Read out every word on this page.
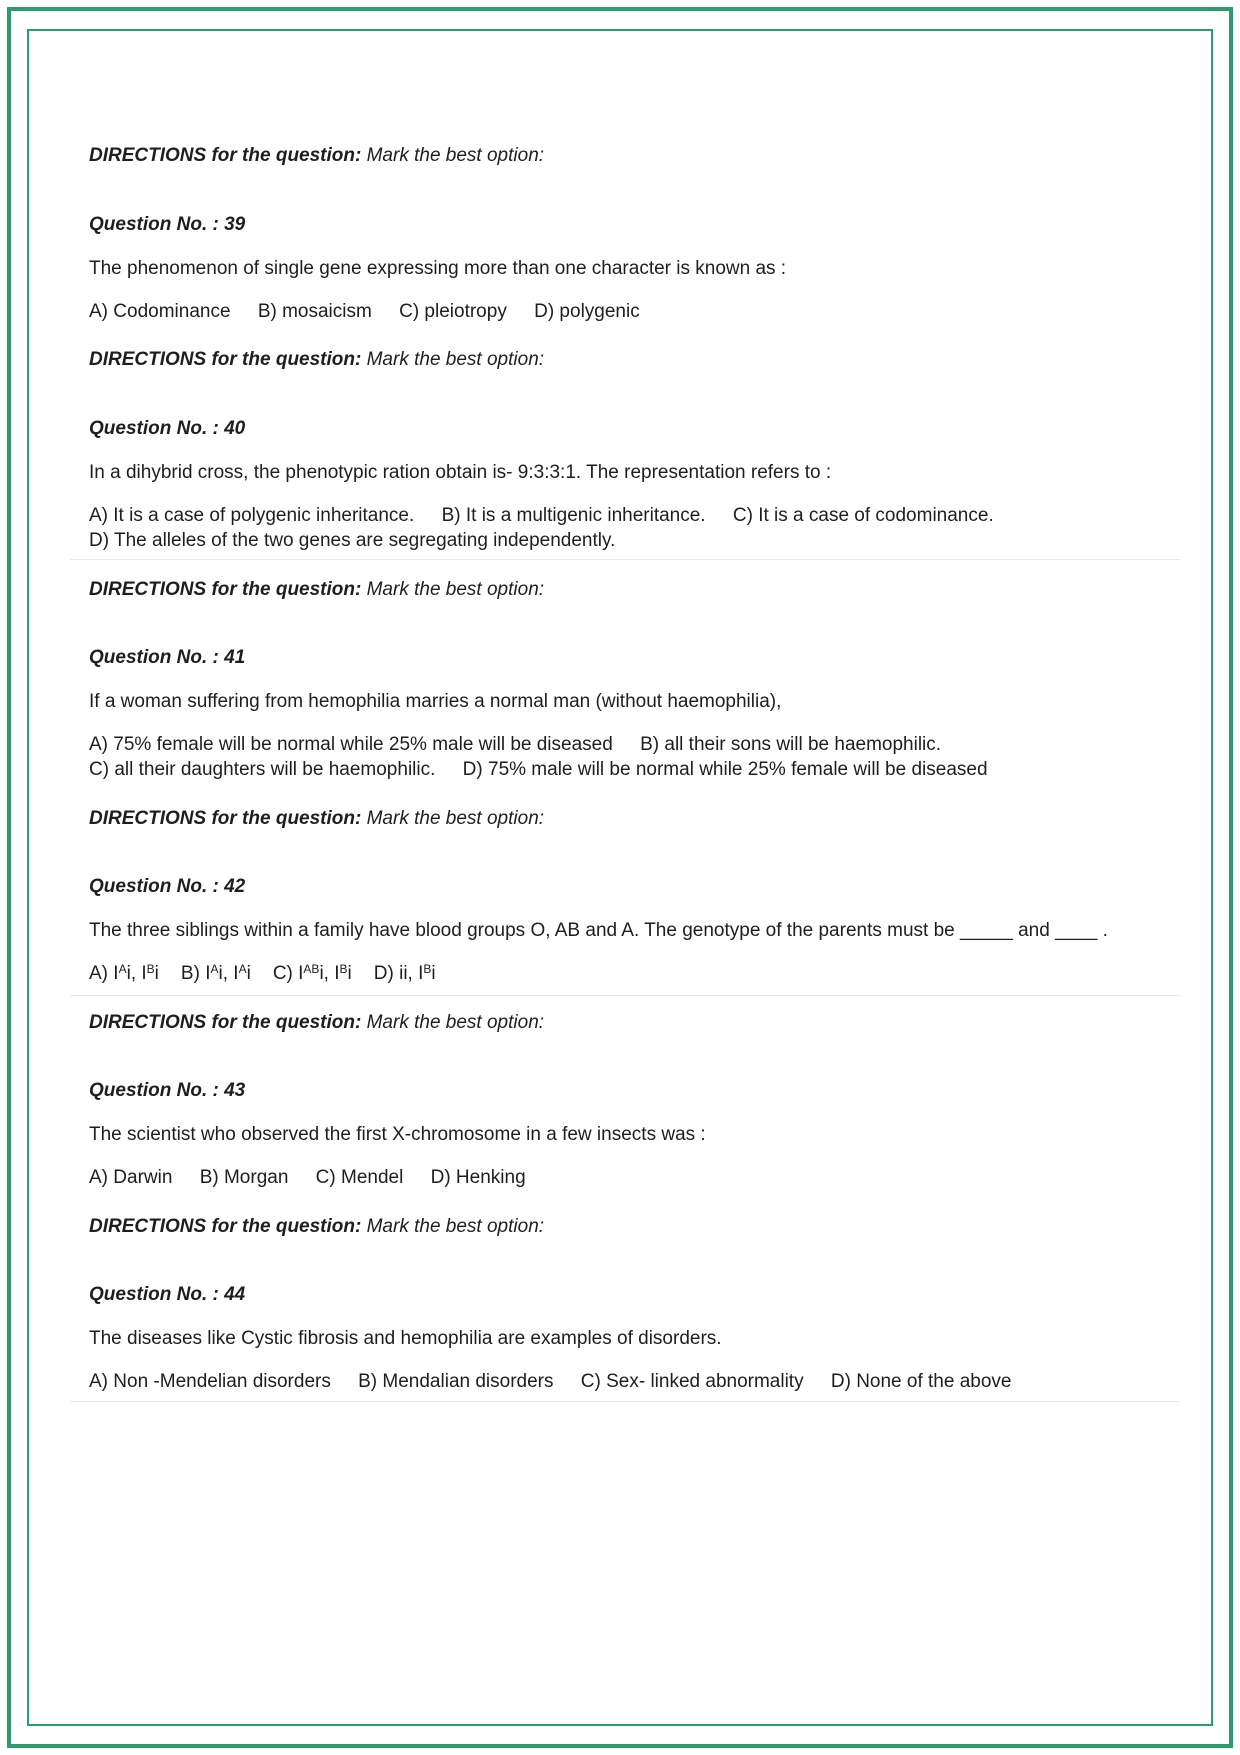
DIRECTIONS for the question: Mark the best option:
Question No. : 39
The phenomenon of single gene expressing more than one character is known as :
A) Codominance B) mosaicism C) pleiotropy D) polygenic
DIRECTIONS for the question: Mark the best option:
Question No. : 40
In a dihybrid cross, the phenotypic ration obtain is- 9:3:3:1. The representation refers to :
A) It is a case of polygenic inheritance. B) It is a multigenic inheritance. C) It is a case of codominance.
D) The alleles of the two genes are segregating independently.
DIRECTIONS for the question: Mark the best option:
Question No. : 41
If a woman suffering from hemophilia marries a normal man (without haemophilia),
A) 75% female will be normal while 25% male will be diseased B) all their sons will be haemophilic.
C) all their daughters will be haemophilic. D) 75% male will be normal while 25% female will be diseased
DIRECTIONS for the question: Mark the best option:
Question No. : 42
The three siblings within a family have blood groups O, AB and A. The genotype of the parents must be _____ and ____ .
A) $I^Ai$, $I^Bi$ B) $I^Ai$, $I^Ai$ C) $I^{AB}i$, $I^Bi$ D) ii, $I^Bi$
DIRECTIONS for the question: Mark the best option:
Question No. : 43
The scientist who observed the first X-chromosome in a few insects was :
A) Darwin B) Morgan C) Mendel D) Henking
DIRECTIONS for the question: Mark the best option:
Question No. : 44
The diseases like Cystic fibrosis and hemophilia are examples of disorders.
A) Non -Mendelian disorders B) Mendalian disorders C) Sex- linked abnormality D) None of the above
